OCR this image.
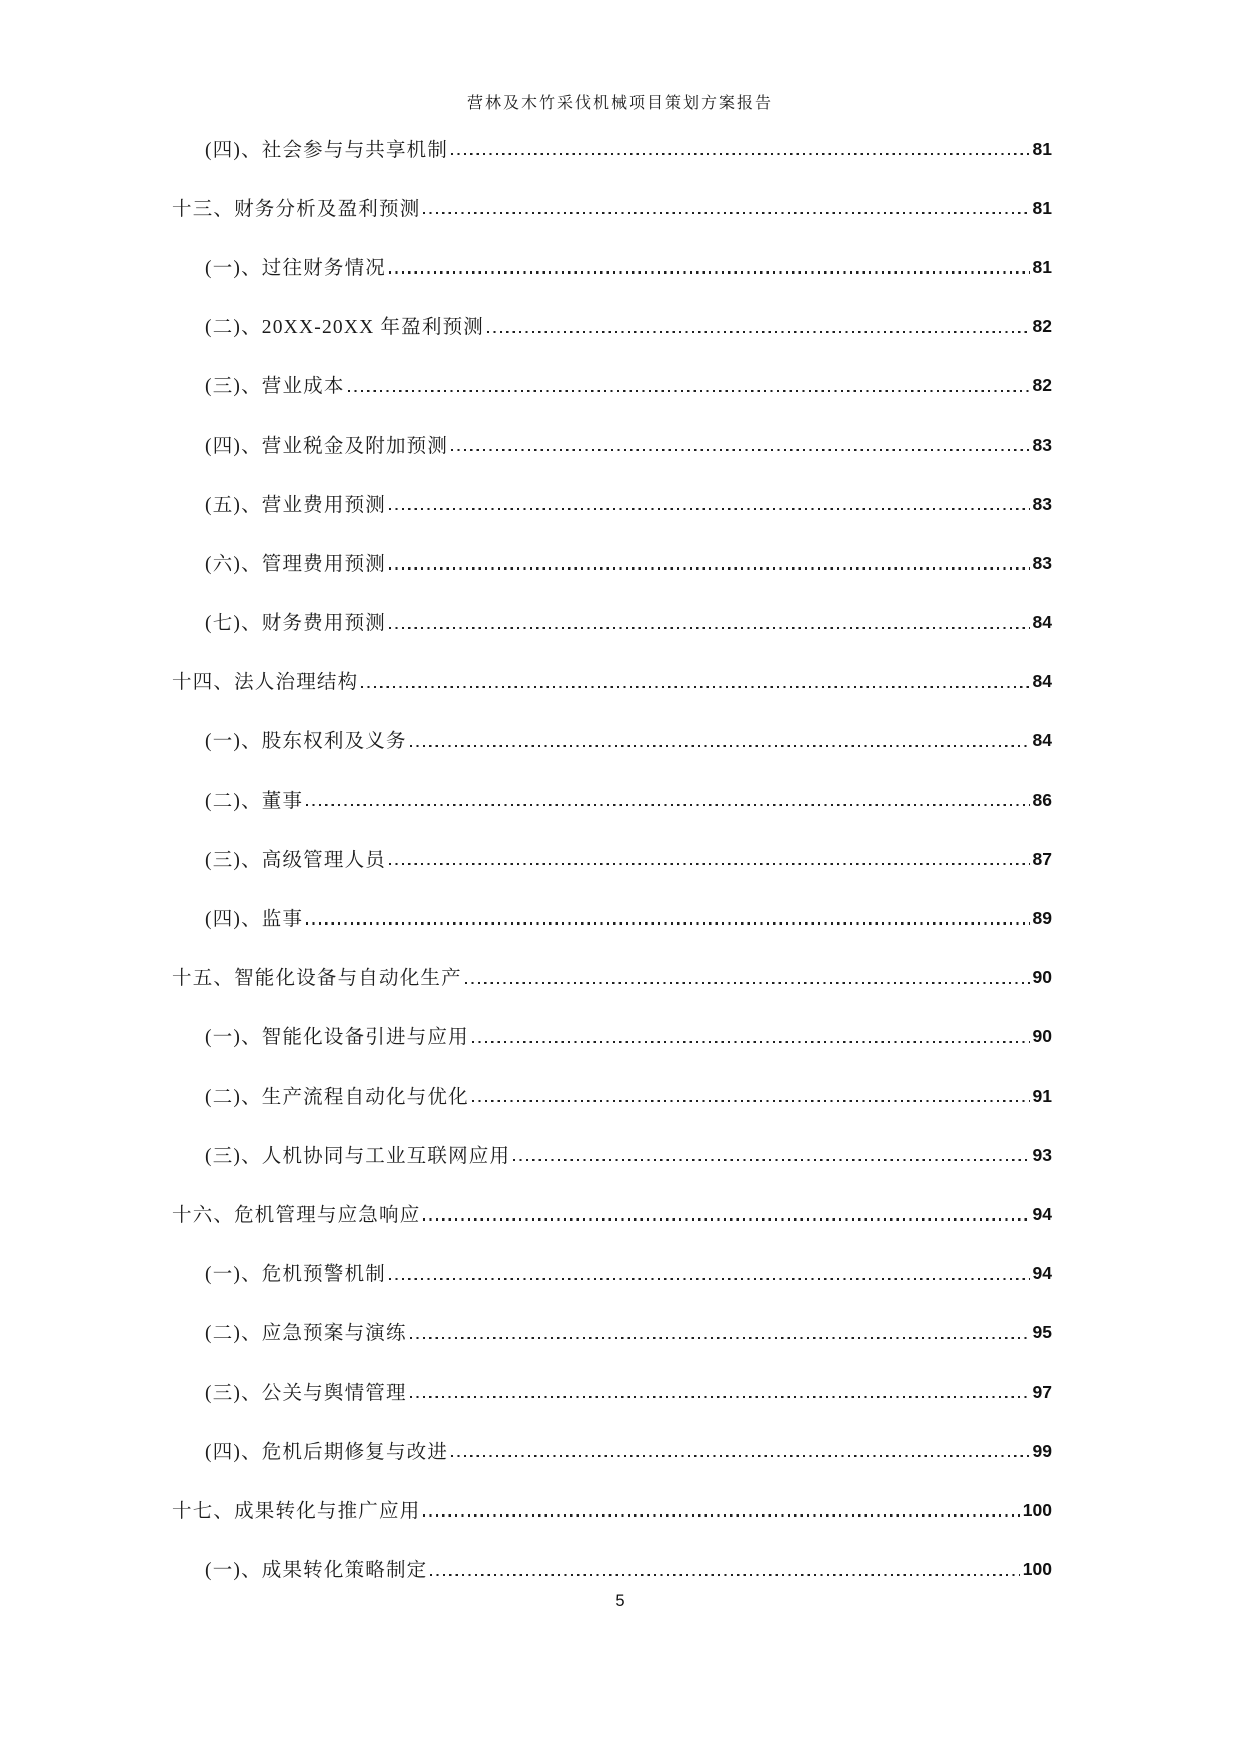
营林及木竹采伐机械项目策划方案报告
(四)、社会参与与共享机制	81
十三、财务分析及盈利预测	81
(一)、过往财务情况	81
(二)、20XX-20XX 年盈利预测	82
(三)、营业成本	82
(四)、营业税金及附加预测	83
(五)、营业费用预测	83
(六)、管理费用预测	83
(七)、财务费用预测	84
十四、法人治理结构	84
(一)、股东权利及义务	84
(二)、董事	86
(三)、高级管理人员	87
(四)、监事	89
十五、智能化设备与自动化生产	90
(一)、智能化设备引进与应用	90
(二)、生产流程自动化与优化	91
(三)、人机协同与工业互联网应用	93
十六、危机管理与应急响应	94
(一)、危机预警机制	94
(二)、应急预案与演练	95
(三)、公关与舆情管理	97
(四)、危机后期修复与改进	99
十七、成果转化与推广应用	100
(一)、成果转化策略制定	100
5
